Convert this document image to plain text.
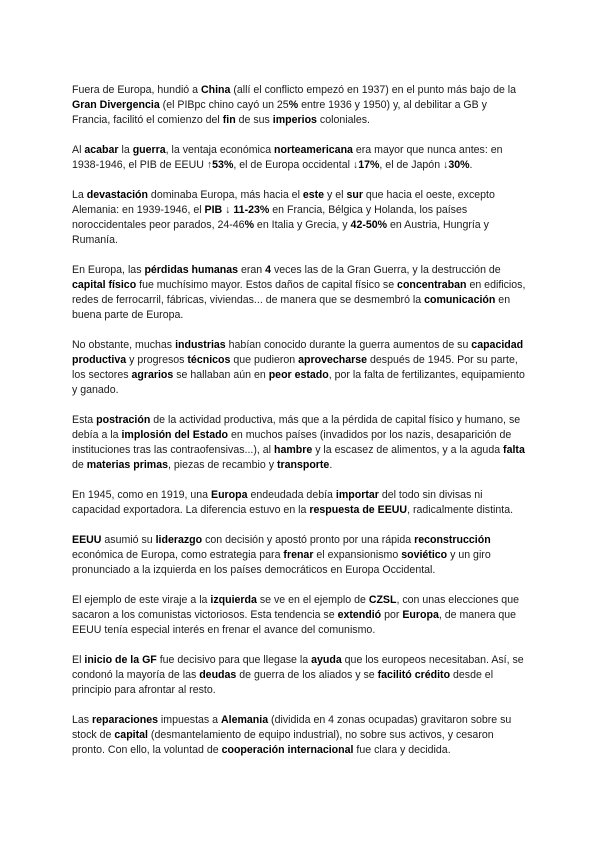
Fuera de Europa, hundió a China (allí el conflicto empezó en 1937) en el punto más bajo de la Gran Divergencia (el PIBpc chino cayó un 25% entre 1936 y 1950) y, al debilitar a GB y Francia, facilitó el comienzo del fin de sus imperios coloniales.

Al acabar la guerra, la ventaja económica norteamericana era mayor que nunca antes: en 1938-1946, el PIB de EEUU ↑53%, el de Europa occidental ↓17%, el de Japón ↓30%.

La devastación dominaba Europa, más hacia el este y el sur que hacia el oeste, excepto Alemania: en 1939-1946, el PIB ↓ 11-23% en Francia, Bélgica y Holanda, los países noroccidentales peor parados, 24-46% en Italia y Grecia, y 42-50% en Austria, Hungría y Rumanía.

En Europa, las pérdidas humanas eran 4 veces las de la Gran Guerra, y la destrucción de capital físico fue muchísimo mayor. Estos daños de capital físico se concentraban en edificios, redes de ferrocarril, fábricas, viviendas... de manera que se desmembró la comunicación en buena parte de Europa.

No obstante, muchas industrias habían conocido durante la guerra aumentos de su capacidad productiva y progresos técnicos que pudieron aprovecharse después de 1945. Por su parte, los sectores agrarios se hallaban aún en peor estado, por la falta de fertilizantes, equipamiento y ganado.

Esta postración de la actividad productiva, más que a la pérdida de capital físico y humano, se debía a la implosión del Estado en muchos países (invadidos por los nazis, desaparición de instituciones tras las contraofensivas...), al hambre y la escasez de alimentos, y a la aguda falta de materias primas, piezas de recambio y transporte.

En 1945, como en 1919, una Europa endeudada debía importar del todo sin divisas ni capacidad exportadora. La diferencia estuvo en la respuesta de EEUU, radicalmente distinta.

EEUU asumió su liderazgo con decisión y apostó pronto por una rápida reconstrucción económica de Europa, como estrategia para frenar el expansionismo soviético y un giro pronunciado a la izquierda en los países democráticos en Europa Occidental.

El ejemplo de este viraje a la izquierda se ve en el ejemplo de CZSL, con unas elecciones que sacaron a los comunistas victoriosos. Esta tendencia se extendió por Europa, de manera que EEUU tenía especial interés en frenar el avance del comunismo.

El inicio de la GF fue decisivo para que llegase la ayuda que los europeos necesitaban. Así, se condonó la mayoría de las deudas de guerra de los aliados y se facilitó crédito desde el principio para afrontar al resto.

Las reparaciones impuestas a Alemania (dividida en 4 zonas ocupadas) gravitaron sobre su stock de capital (desmantelamiento de equipo industrial), no sobre sus activos, y cesaron pronto. Con ello, la voluntad de cooperación internacional fue clara y decidida.
